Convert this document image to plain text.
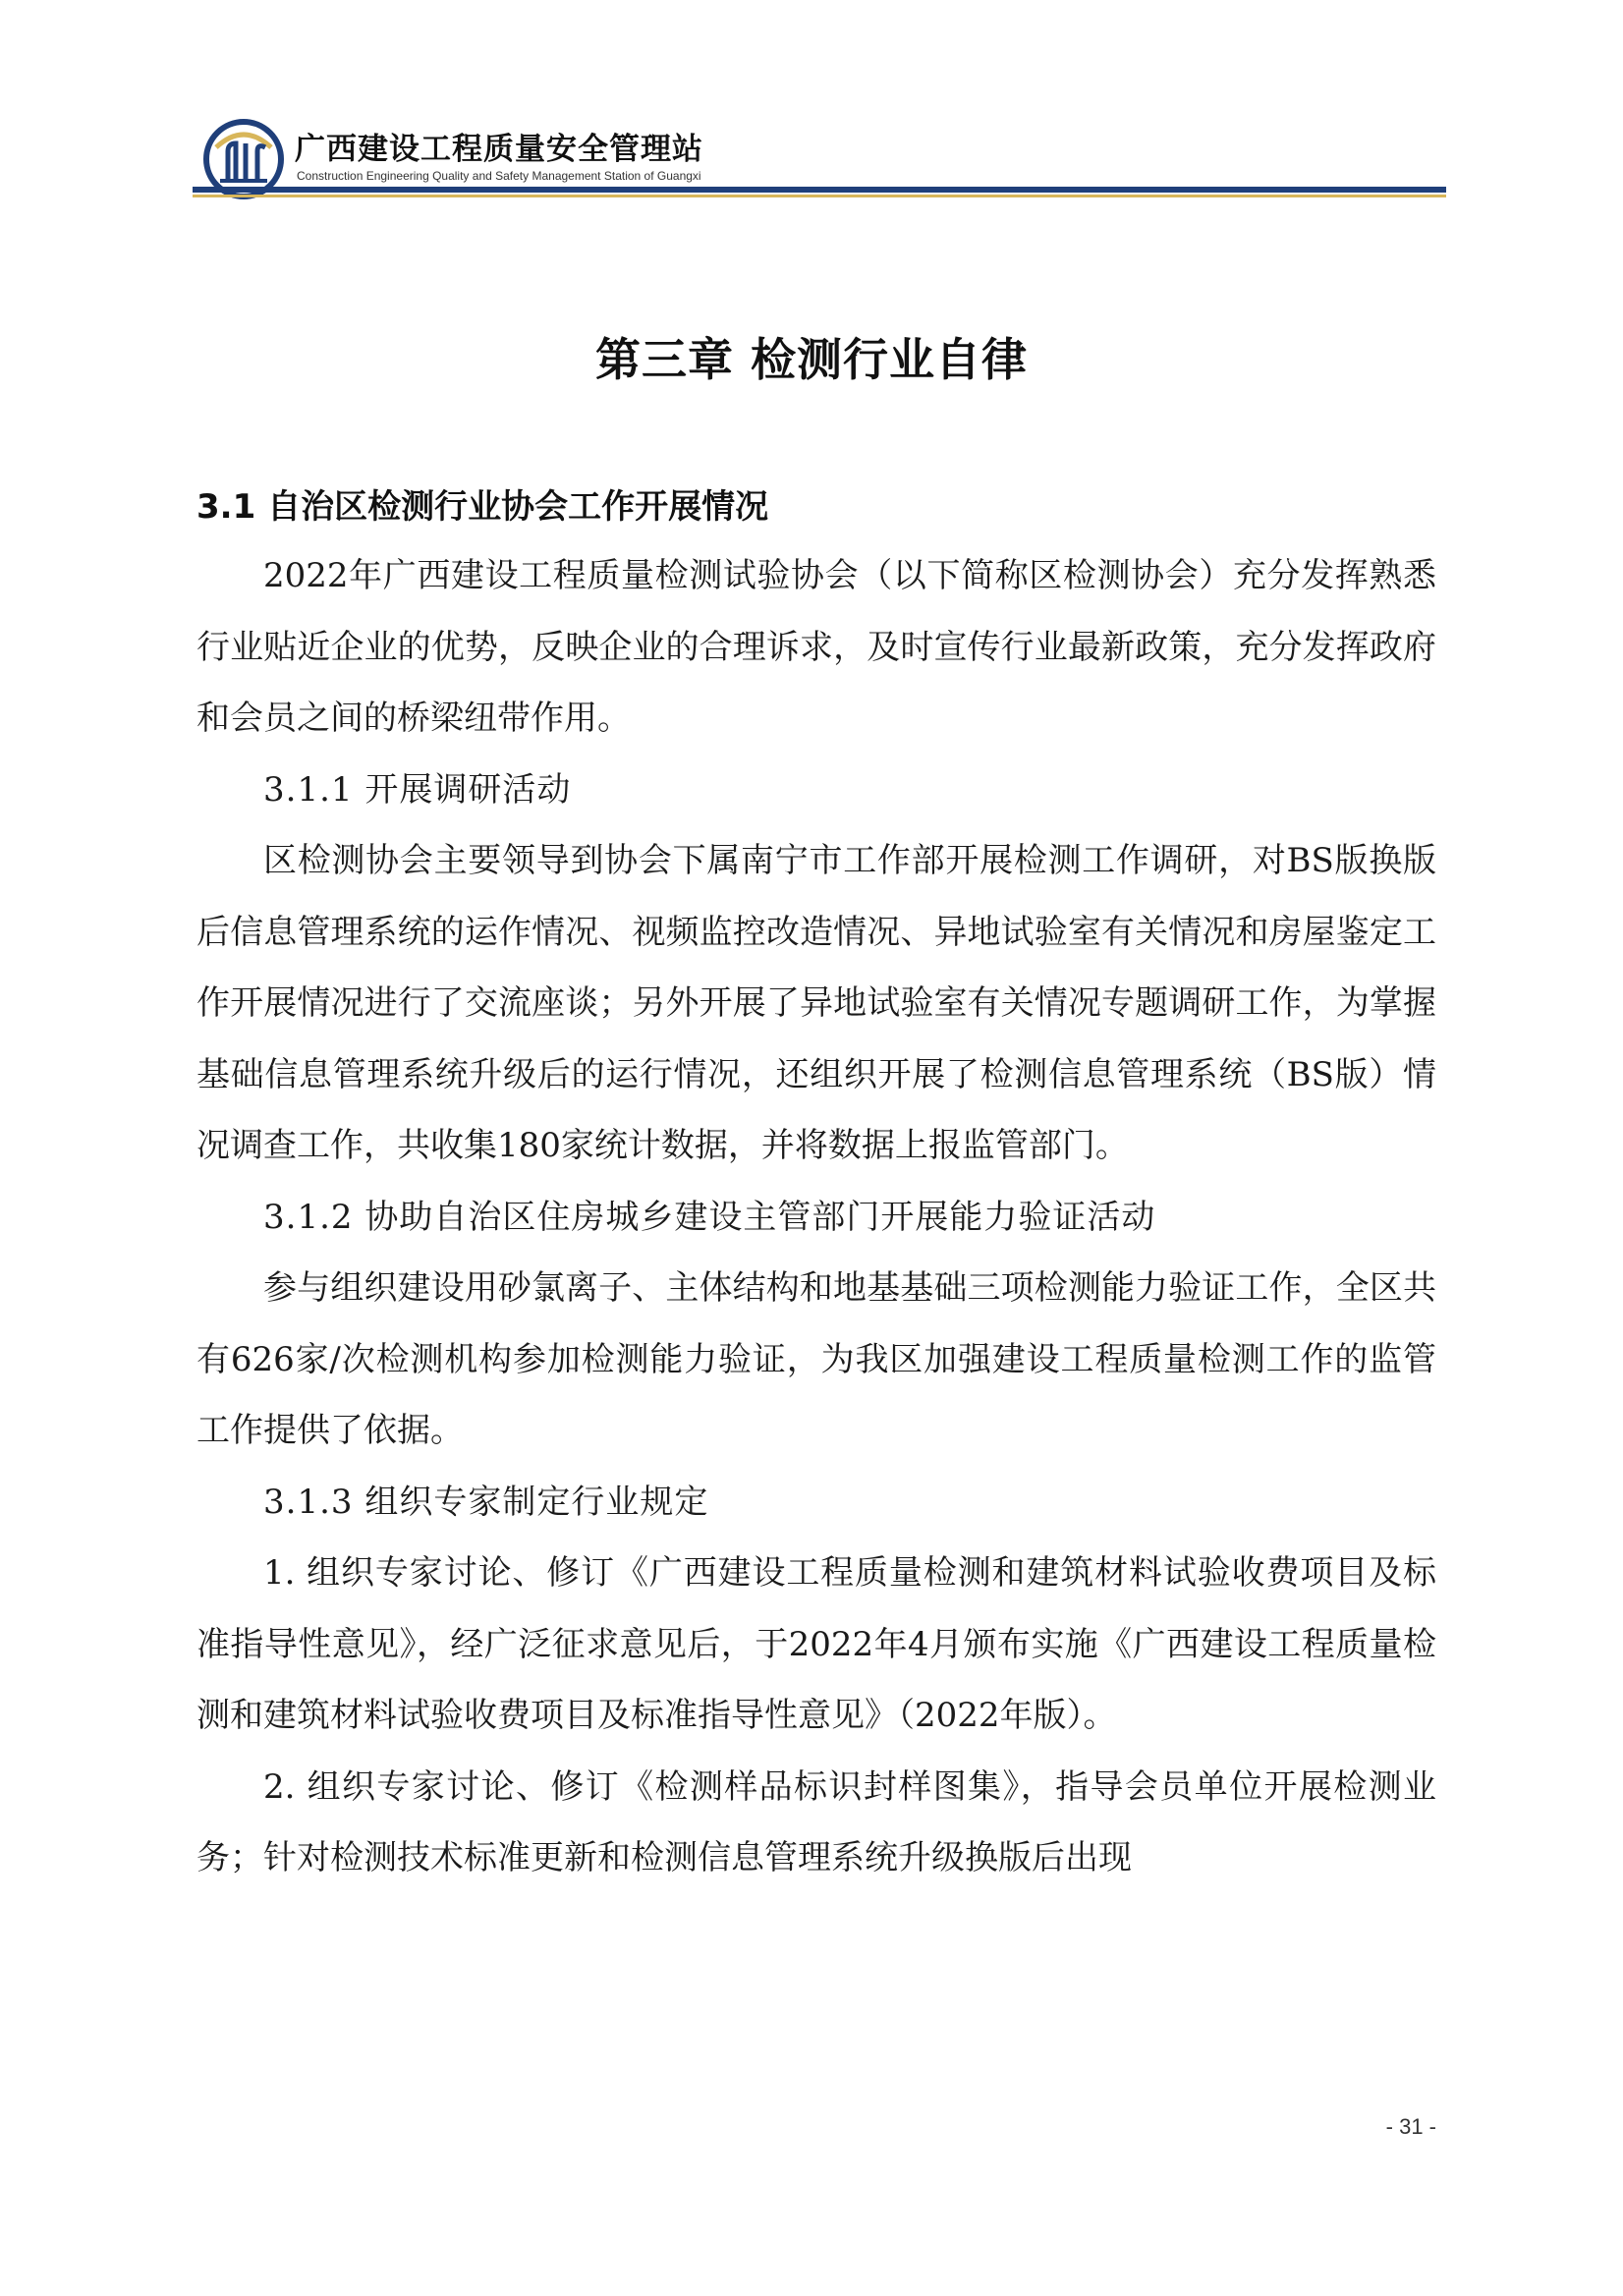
广西建设工程质量安全管理站
Construction Engineering Quality and Safety Management Station of Guangxi
第三章 检测行业自律
3.1 自治区检测行业协会工作开展情况

2022年广西建设工程质量检测试验协会（以下简称区检测协会）充分发挥熟悉行业贴近企业的优势，反映企业的合理诉求，及时宣传行业最新政策，充分发挥政府和会员之间的桥梁纽带作用。

3.1.1 开展调研活动

区检测协会主要领导到协会下属南宁市工作部开展检测工作调研，对BS版换版后信息管理系统的运作情况、视频监控改造情况、异地试验室有关情况和房屋鉴定工作开展情况进行了交流座谈；另外开展了异地试验室有关情况专题调研工作，为掌握基础信息管理系统升级后的运行情况，还组织开展了检测信息管理系统（BS版）情况调查工作，共收集180家统计数据，并将数据上报监管部门。

3.1.2 协助自治区住房城乡建设主管部门开展能力验证活动

参与组织建设用砂氯离子、主体结构和地基基础三项检测能力验证工作，全区共有626家/次检测机构参加检测能力验证，为我区加强建设工程质量检测工作的监管工作提供了依据。

3.1.3 组织专家制定行业规定

1. 组织专家讨论、修订《广西建设工程质量检测和建筑材料试验收费项目及标准指导性意见》，经广泛征求意见后，于2022年4月颁布实施《广西建设工程质量检测和建筑材料试验收费项目及标准指导性意见》（2022年版）。

2. 组织专家讨论、修订《检测样品标识封样图集》，指导会员单位开展检测业务；针对检测技术标准更新和检测信息管理系统升级换版后出现

- 31 -
